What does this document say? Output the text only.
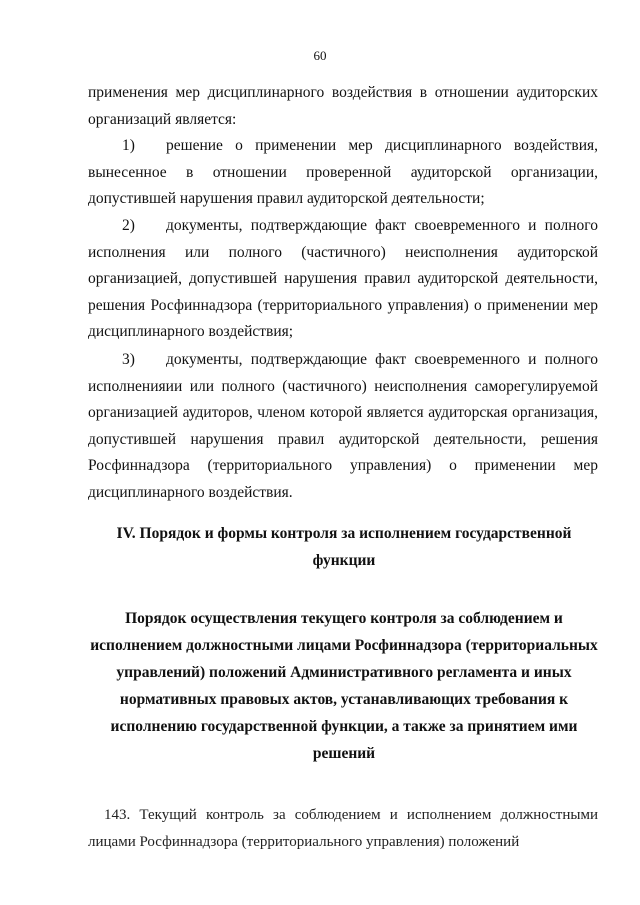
60
применения мер дисциплинарного воздействия в отношении аудиторских организаций является:
1) решение о применении мер дисциплинарного воздействия, вынесенное в отношении проверенной аудиторской организации, допустившей нарушения правил аудиторской деятельности;
2) документы, подтверждающие факт своевременного и полного исполнения или полного (частичного) неисполнения аудиторской организацией, допустившей нарушения правил аудиторской деятельности, решения Росфиннадзора (территориального управления) о применении мер дисциплинарного воздействия;
3) документы, подтверждающие факт своевременного и полного исполненияии или полного (частичного) неисполнения саморегулируемой организацией аудиторов, членом которой является аудиторская организация, допустившей нарушения правил аудиторской деятельности, решения Росфиннадзора (территориального управления) о применении мер дисциплинарного воздействия.
IV. Порядок и формы контроля за исполнением государственной функции
Порядок осуществления текущего контроля за соблюдением и исполнением должностными лицами Росфиннадзора (территориальных управлений) положений Административного регламента и иных нормативных правовых актов, устанавливающих требования к исполнению государственной функции, а также за принятием ими решений
143. Текущий контроль за соблюдением и исполнением должностными лицами Росфиннадзора (территориального управления) положений
